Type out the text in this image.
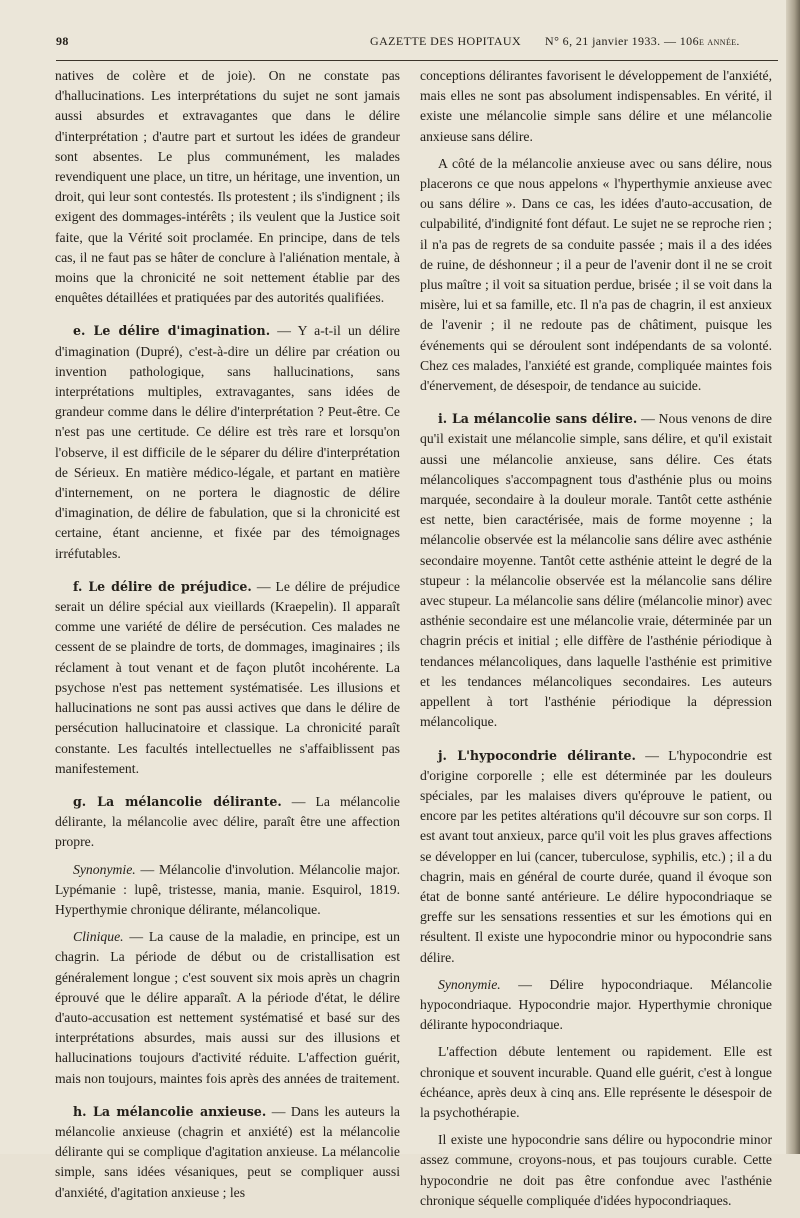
98	GAZETTE DES HOPITAUX N° 6, 21 janvier 1933. — 106e année.

natives de colère et de joie). On ne constate pas d'hallucinations. Les interprétations du sujet ne sont jamais aussi absurdes et extravagantes que dans le délire d'interprétation ; d'autre part et surtout les idées de grandeur sont absentes. Le plus communément, les malades revendiquent une place, un titre, un héritage, une invention, un droit, qui leur sont contestés. Ils protestent ; ils s'indignent ; ils exigent des dommages-intérêts ; ils veulent que la Justice soit faite, que la Vérité soit proclamée. En principe, dans de tels cas, il ne faut pas se hâter de conclure à l'aliénation mentale, à moins que la chronicité ne soit nettement établie par des enquêtes détaillées et pratiquées par des autorités qualifiées.

e. Le délire d'imagination. — Y a-t-il un délire d'imagination (Dupré), c'est-à-dire un délire par création ou invention pathologique, sans hallucinations, sans interprétations multiples, extravagantes, sans idées de grandeur comme dans le délire d'interprétation ? Peut-être. Ce n'est pas une certitude. Ce délire est très rare et lorsqu'on l'observe, il est difficile de le séparer du délire d'interprétation de Sérieux. En matière médico-légale, et partant en matière d'internement, on ne portera le diagnostic de délire d'imagination, de délire de fabulation, que si la chronicité est certaine, étant ancienne, et fixée par des témoignages irréfutables.

f. Le délire de préjudice. — Le délire de préjudice serait un délire spécial aux vieillards (Kraepelin). Il apparaît comme une variété de délire de persécution. Ces malades ne cessent de se plaindre de torts, de dommages, imaginaires ; ils réclament à tout venant et de façon plutôt incohérente. La psychose n'est pas nettement systématisée. Les illusions et hallucinations ne sont pas aussi actives que dans le délire de persécution hallucinatoire et classique. La chronicité paraît constante. Les facultés intellectuelles ne s'affaiblissent pas manifestement.

g. La mélancolie délirante. — La mélancolie délirante, la mélancolie avec délire, paraît être une affection propre.

Synonymie. — Mélancolie d'involution. Mélancolie major. Lypémanie : lupê, tristesse, mania, manie. Esquirol, 1819. Hyperthymie chronique délirante, mélancolique.

Clinique. — La cause de la maladie, en principe, est un chagrin. La période de début ou de cristallisation est généralement longue ; c'est souvent six mois après un chagrin éprouvé que le délire apparaît. A la période d'état, le délire d'auto-accusation est nettement systématisé et basé sur des interprétations absurdes, mais aussi sur des illusions et hallucinations toujours d'activité réduite. L'affection guérit, mais non toujours, maintes fois après des années de traitement.

h. La mélancolie anxieuse. — Dans les auteurs la mélancolie anxieuse (chagrin et anxiété) est la mélancolie délirante qui se complique d'agitation anxieuse. La mélancolie simple, sans idées vésaniques, peut se compliquer aussi d'anxiété, d'agitation anxieuse ; les

conceptions délirantes favorisent le développement de l'anxiété, mais elles ne sont pas absolument indispensables. En vérité, il existe une mélancolie simple sans délire et une mélancolie anxieuse sans délire.

A côté de la mélancolie anxieuse avec ou sans délire, nous placerons ce que nous appelons « l'hyperthymie anxieuse avec ou sans délire ». Dans ce cas, les idées d'auto-accusation, de culpabilité, d'indignité font défaut. Le sujet ne se reproche rien ; il n'a pas de regrets de sa conduite passée ; mais il a des idées de ruine, de déshonneur ; il a peur de l'avenir dont il ne se croit plus maître ; il voit sa situation perdue, brisée ; il se voit dans la misère, lui et sa famille, etc. Il n'a pas de chagrin, il est anxieux de l'avenir ; il ne redoute pas de châtiment, puisque les événements qui se déroulent sont indépendants de sa volonté. Chez ces malades, l'anxiété est grande, compliquée maintes fois d'énervement, de désespoir, de tendance au suicide.

i. La mélancolie sans délire. — Nous venons de dire qu'il existait une mélancolie simple, sans délire, et qu'il existait aussi une mélancolie anxieuse, sans délire. Ces états mélancoliques s'accompagnent tous d'asthénie plus ou moins marquée, secondaire à la douleur morale. Tantôt cette asthénie est nette, bien caractérisée, mais de forme moyenne ; la mélancolie observée est la mélancolie sans délire avec asthénie secondaire moyenne. Tantôt cette asthénie atteint le degré de la stupeur : la mélancolie observée est la mélancolie sans délire avec stupeur. La mélancolie sans délire (mélancolie minor) avec asthénie secondaire est une mélancolie vraie, déterminée par un chagrin précis et initial ; elle diffère de l'asthénie périodique à tendances mélancoliques, dans laquelle l'asthénie est primitive et les tendances mélancoliques secondaires. Les auteurs appellent à tort l'asthénie périodique la dépression mélancolique.

j. L'hypocondrie délirante. — L'hypocondrie est d'origine corporelle ; elle est déterminée par les douleurs spéciales, par les malaises divers qu'éprouve le patient, ou encore par les petites altérations qu'il découvre sur son corps. Il est avant tout anxieux, parce qu'il voit les plus graves affections se développer en lui (cancer, tuberculose, syphilis, etc.) ; il a du chagrin, mais en général de courte durée, quand il évoque son état de bonne santé antérieure. Le délire hypocondriaque se greffe sur les sensations ressenties et sur les émotions qui en résultent. Il existe une hypocondrie minor ou hypocondrie sans délire.

Synonymie. — Délire hypocondriaque. Mélancolie hypocondriaque. Hypocondrie major. Hyperthymie chronique délirante hypocondriaque.

L'affection débute lentement ou rapidement. Elle est chronique et souvent incurable. Quand elle guérit, c'est à longue échéance, après deux à cinq ans. Elle représente le désespoir de la psychothérapie.

Il existe une hypocondrie sans délire ou hypocondrie minor assez commune, croyons-nous, et pas toujours curable. Cette hypocondrie ne doit pas être confondue avec l'asthénie chronique séquelle compliquée d'idées hypocondriaques.
